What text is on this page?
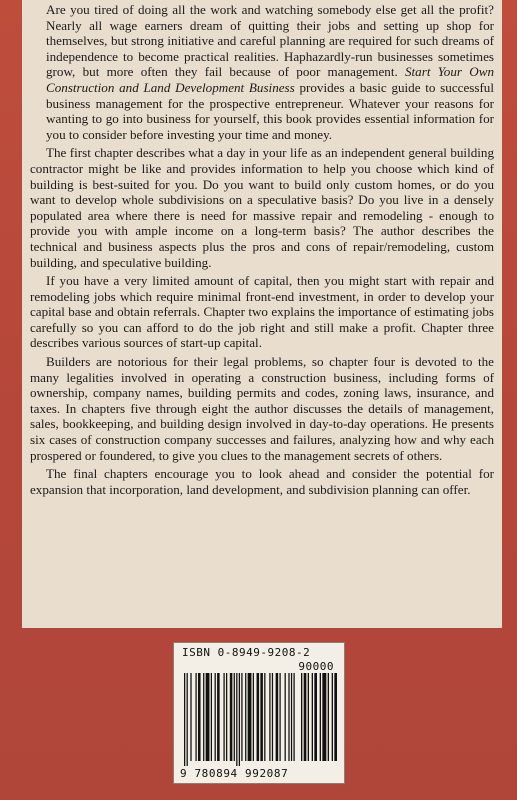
Are you tired of doing all the work and watching somebody else get all the profit? Nearly all wage earners dream of quitting their jobs and setting up shop for themselves, but strong initiative and careful planning are required for such dreams of independence to become practical realities. Haphazardly-run businesses sometimes grow, but more often they fail because of poor management. Start Your Own Construction and Land Development Business provides a basic guide to successful business management for the prospective entrepreneur. Whatever your reasons for wanting to go into business for yourself, this book provides essential information for you to consider before investing your time and money.

The first chapter describes what a day in your life as an independent general building contractor might be like and provides information to help you choose which kind of building is best-suited for you. Do you want to build only custom homes, or do you want to develop whole subdivisions on a speculative basis? Do you live in a densely populated area where there is need for massive repair and remodeling - enough to provide you with ample income on a long-term basis? The author describes the technical and business aspects plus the pros and cons of repair/remodeling, custom building, and speculative building.

If you have a very limited amount of capital, then you might start with repair and remodeling jobs which require minimal front-end investment, in order to develop your capital base and obtain referrals. Chapter two explains the importance of estimating jobs carefully so you can afford to do the job right and still make a profit. Chapter three describes various sources of start-up capital.

Builders are notorious for their legal problems, so chapter four is devoted to the many legalities involved in operating a construction business, including forms of ownership, company names, building permits and codes, zoning laws, insurance, and taxes. In chapters five through eight the author discusses the details of management, sales, bookkeeping, and building design involved in day-to-day operations. He presents six cases of construction company successes and failures, analyzing how and why each prospered or foundered, to give you clues to the management secrets of others.

The final chapters encourage you to look ahead and consider the potential for expansion that incorporation, land development, and subdivision planning can offer.

ISBN 0-8949-9208-2
90000
9 780894 992087
